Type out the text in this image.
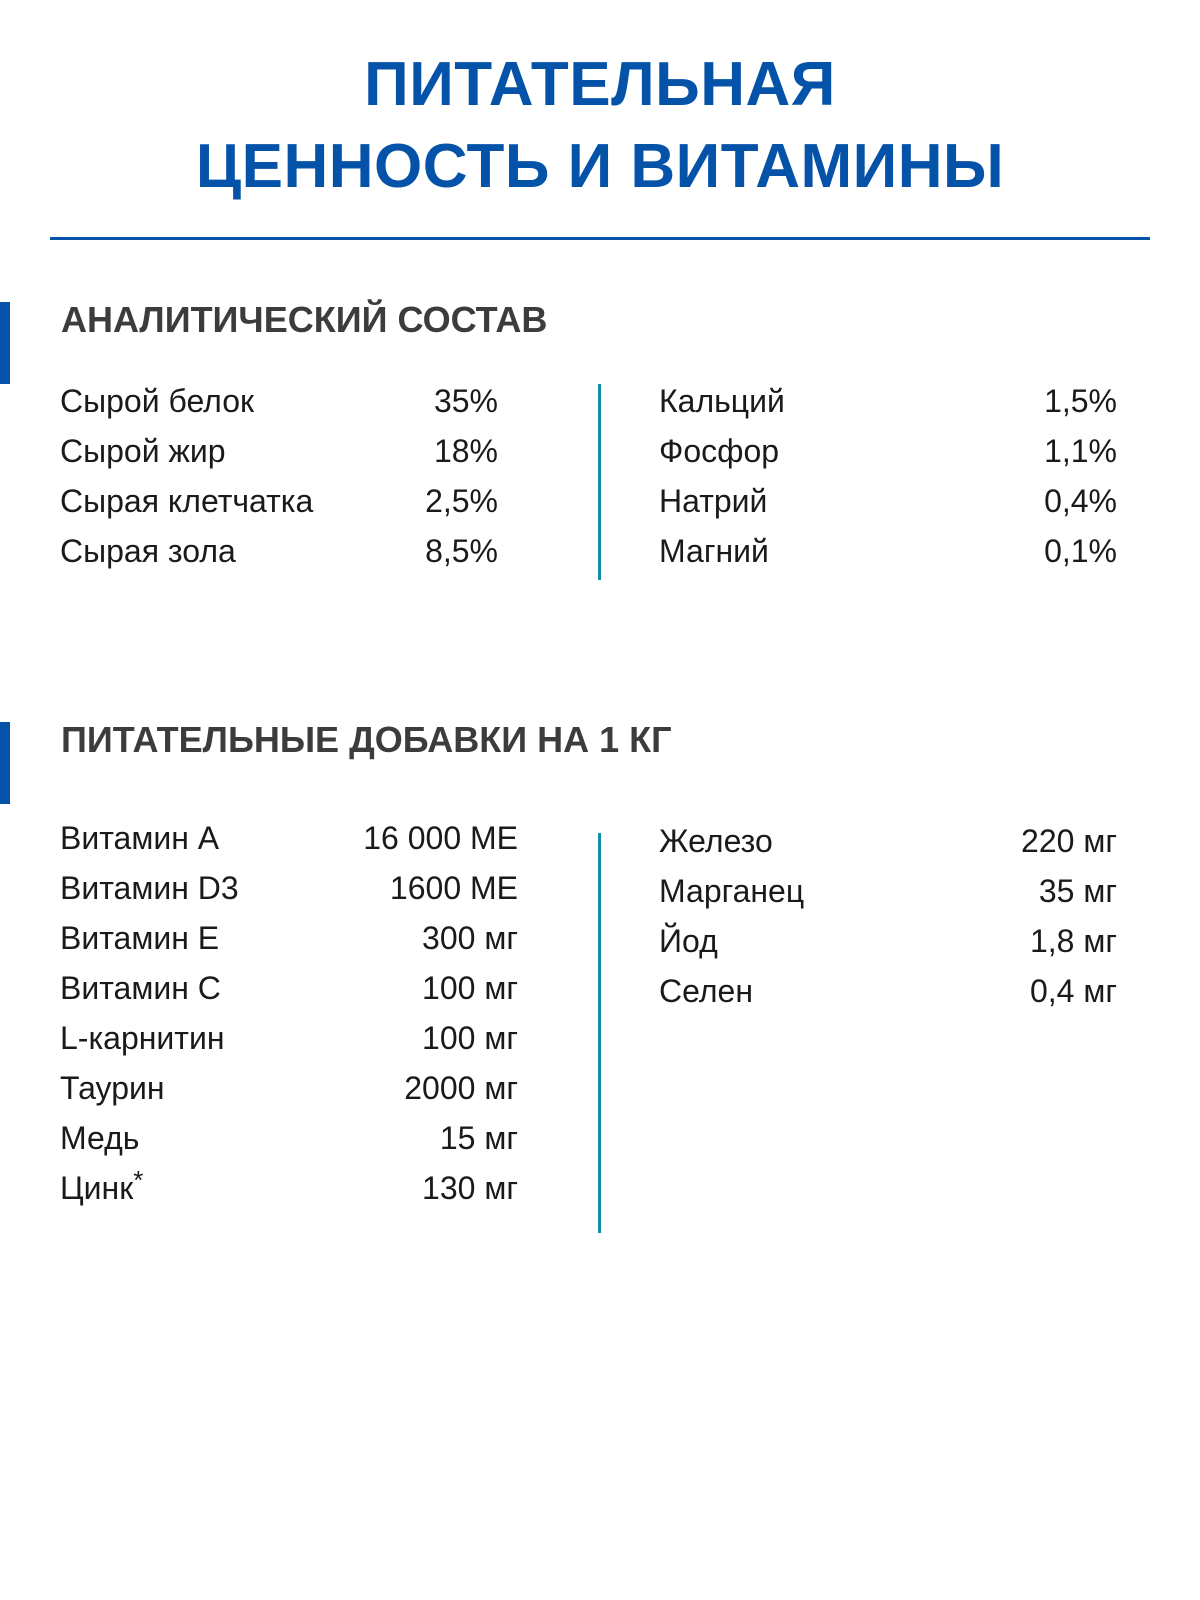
ПИТАТЕЛЬНАЯ
ЦЕННОСТЬ И ВИТАМИНЫ
АНАЛИТИЧЕСКИЙ СОСТАВ
Сырой белок	35%
Сырой жир	18%
Сырая клетчатка	2,5%
Сырая зола	8,5%
Кальций	1,5%
Фосфор	1,1%
Натрий	0,4%
Магний	0,1%
ПИТАТЕЛЬНЫЕ ДОБАВКИ НА 1 КГ
Витамин A	16 000 МЕ
Витамин D3	1600 МЕ
Витамин E	300 мг
Витамин C	100 мг
L-карнитин	100 мг
Таурин	2000 мг
Медь	15 мг
Цинк*	130 мг
Железо	220 мг
Марганец	35 мг
Йод	1,8 мг
Селен	0,4 мг
